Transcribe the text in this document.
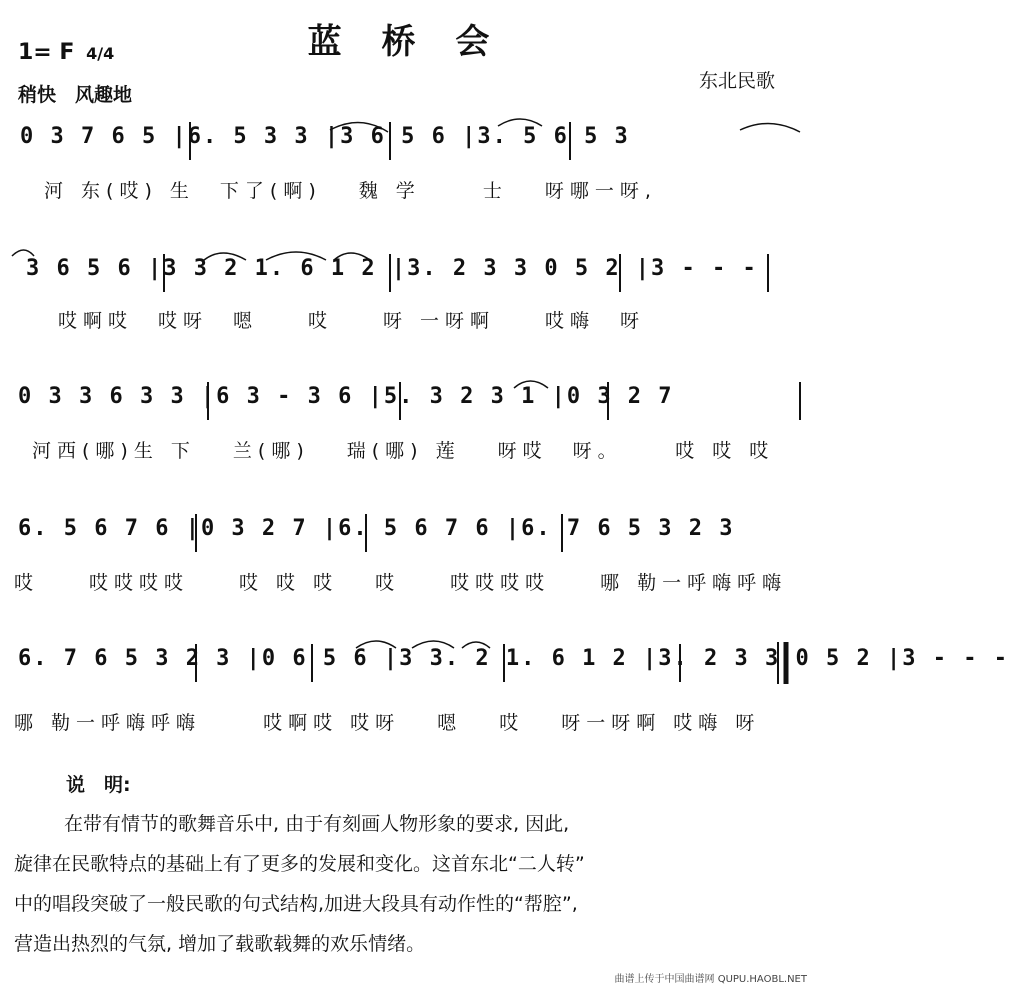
蓝 桥 会
1= F 4/4
稍快　风趣地
东北民歌
0 3 7 6 5 |6. 5 3 3 |3 6 5 6 |3. 5 6 5 3
河 东(哎) 生　下了(啊)　 魏 学　　 士　 呀哪一呀,
3 6 5 6 |3 3 2 1. 6 1 2 |3. 2 3 3 0 5 2 |3 - - -
哎啊哎　哎呀　嗯　　哎　　呀 一呀啊　　哎嗨　呀
0 3 3 6 3 3 |6 3 - 3 6 |5. 3 2 3 1 |0 3 2 7
河西(哪)生 下　 兰(哪)　 瑞(哪) 莲　 呀哎　呀。　　 哎 哎 哎
6. 5 6 7 6 |0 3 2 7 |6. 5 6 7 6 |6. 7 6 5 3 2 3
哎　　哎哎哎哎　　哎 哎 哎　 哎　　哎哎哎哎　　哪 勒一呼嗨呼嗨
6. 7 6 5 3 2 3 |0 6 5 6 |3 3. 2 1. 6 1 2 |3. 2 3 3 0 5 2 |3 - - -
哪 勒一呼嗨呼嗨　　 哎啊哎 哎呀　 嗯　 哎　 呀一呀啊 哎嗨 呀
说　明:
在带有情节的歌舞音乐中, 由于有刻画人物形象的要求, 因此,
旋律在民歌特点的基础上有了更多的发展和变化。这首东北“二人转”
中的唱段突破了一般民歌的句式结构,加进大段具有动作性的“帮腔”,
营造出热烈的气氛, 增加了载歌载舞的欢乐情绪。
曲谱上传于中国曲谱网 QUPU.HAOBL.NET
